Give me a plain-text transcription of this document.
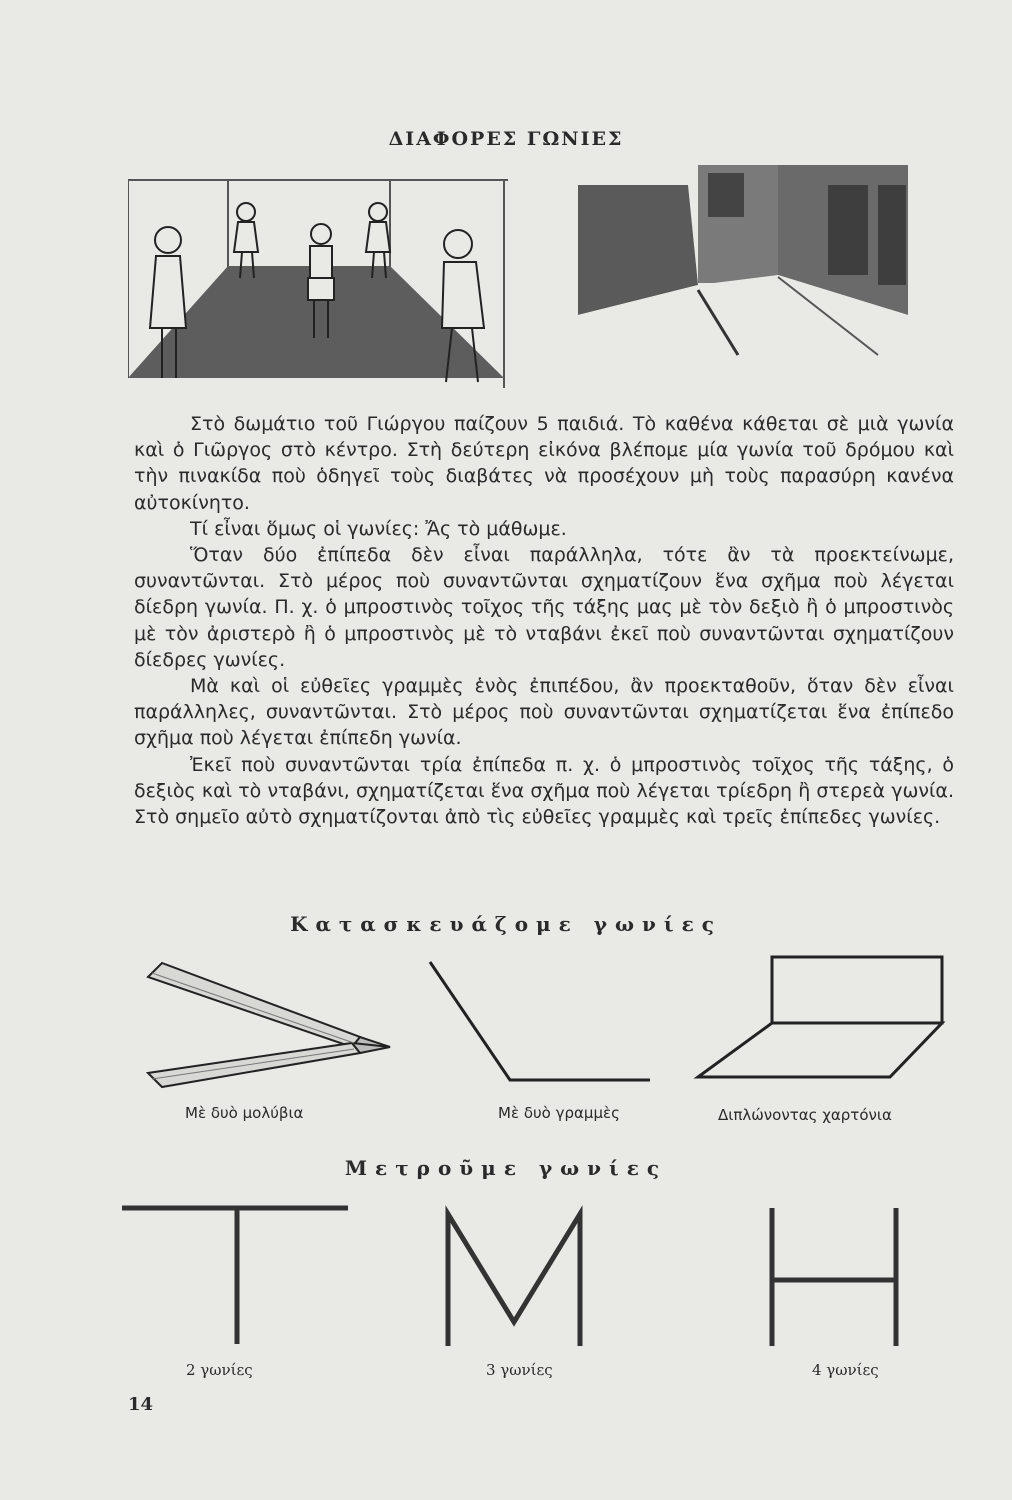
ΔΙΑΦΟΡΕΣ ΓΩΝΙΕΣ

Στὸ δωμάτιο τοῦ Γιώργου παίζουν 5 παιδιά. Τὸ καθένα κάθεται σὲ μιὰ γωνία καὶ ὁ Γιῶργος στὸ κέντρο. Στὴ δεύτερη εἰκόνα βλέπομε μία γωνία τοῦ δρόμου καὶ τὴν πινακίδα ποὺ ὁδηγεῖ τοὺς διαβάτες νὰ προσέχουν μὴ τοὺς παρασύρη κανένα αὐτοκίνητο.

Τί εἶναι ὅμως οἱ γωνίες: Ἄς τὸ μάθωμε.

Ὅταν δύο ἐπίπεδα δὲν εἶναι παράλληλα, τότε ἂν τὰ προεκτείνωμε, συναντῶνται. Στὸ μέρος ποὺ συναντῶνται σχηματίζουν ἕνα σχῆμα ποὺ λέγεται δίεδρη γωνία. Π. χ. ὁ μπροστινὸς τοῖχος τῆς τάξης μας μὲ τὸν δεξιὸ ἢ ὁ μπροστινὸς μὲ τὸν ἀριστερὸ ἢ ὁ μπροστινὸς μὲ τὸ νταβάνι ἐκεῖ ποὺ συναντῶνται σχηματίζουν δίεδρες γωνίες.

Μὰ καὶ οἱ εὐθεῖες γραμμὲς ἑνὸς ἐπιπέδου, ἂν προεκταθοῦν, ὅταν δὲν εἶναι παράλληλες, συναντῶνται. Στὸ μέρος ποὺ συναντῶνται σχηματίζεται ἕνα ἐπίπεδο σχῆμα ποὺ λέγεται ἐπίπεδη γωνία.

Ἐκεῖ ποὺ συναντῶνται τρία ἐπίπεδα π. χ. ὁ μπροστινὸς τοῖχος τῆς τάξης, ὁ δεξιὸς καὶ τὸ νταβάνι, σχηματίζεται ἕνα σχῆμα ποὺ λέγεται τρίεδρη ἢ στερεὰ γωνία. Στὸ σημεῖο αὐτὸ σχηματίζονται ἀπὸ τὶς εὐθεῖες γραμμὲς καὶ τρεῖς ἐπίπεδες γωνίες.

Κατασκευάζομε γωνίες
Μὲ δυὸ μολύβια	Μὲ δυὸ γραμμὲς	Διπλώνοντας χαρτόνια
Μετροῦμε γωνίες
2 γωνίες	3 γωνίες	4 γωνίες
14
